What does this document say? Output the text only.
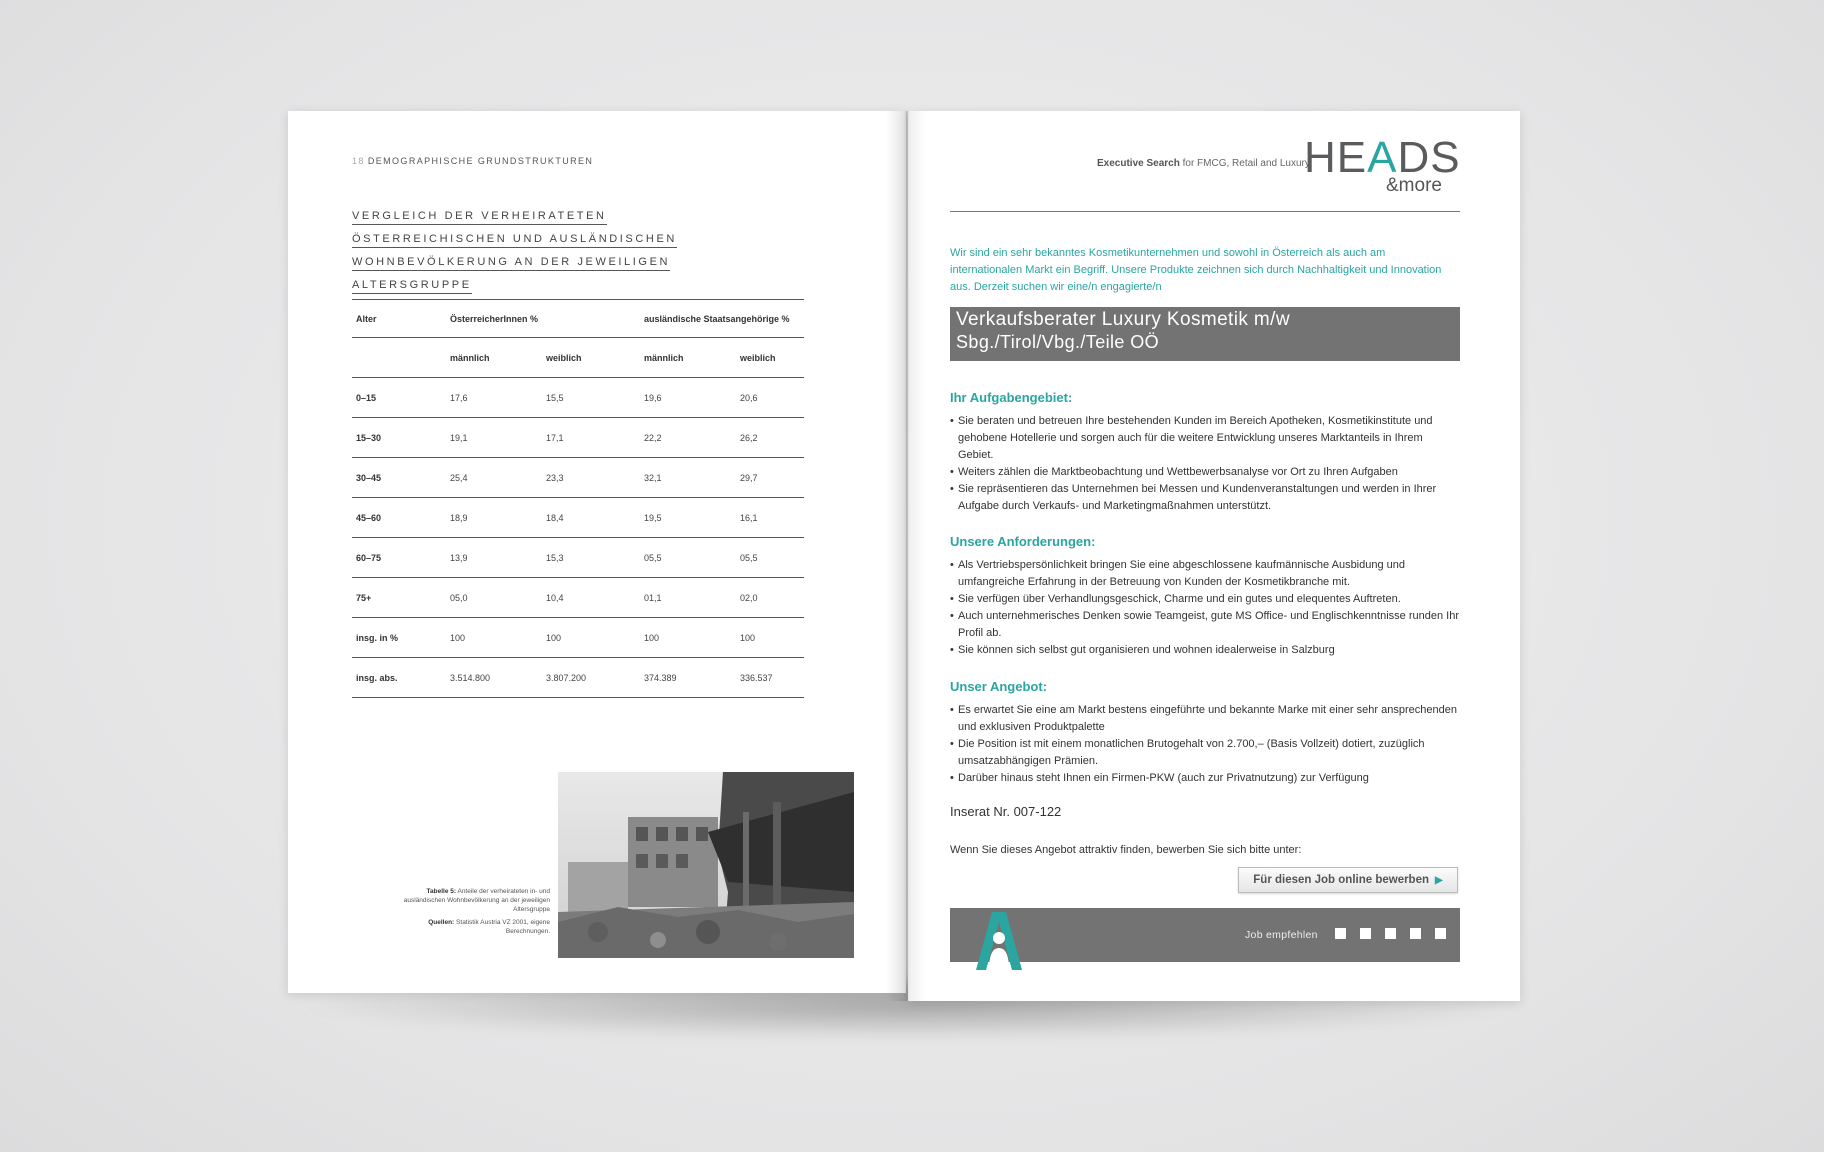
18 DEMOGRAPHISCHE GRUNDSTRUKTUREN
VERGLEICH DER VERHEIRATETEN
ÖSTERREICHISCHEN UND AUSLÄNDISCHEN
WOHNBEVÖLKERUNG AN DER JEWEILIGEN
ALTERSGRUPPE
Alter	ÖsterreicherInnen %		ausländische Staatsangehörige %	
	männlich	weiblich	männlich	weiblich
0–15	17,6	15,5	19,6	20,6
15–30	19,1	17,1	22,2	26,2
30–45	25,4	23,3	32,1	29,7
45–60	18,9	18,4	19,5	16,1
60–75	13,9	15,3	05,5	05,5
75+	05,0	10,4	01,1	02,0
insg. in %	100	100	100	100
insg. abs.	3.514.800	3.807.200	374.389	336.537
Tabelle 5: Anteile der verheirateten in- und ausländischen Wohnbevölkerung an der jeweiligen Altersgruppe

Quellen: Statistik Austria VZ 2001, eigene Berechnungen.
Executive Search for FMCG, Retail and Luxury
HEADS
&more
Wir sind ein sehr bekanntes Kosmetikunternehmen und sowohl in Österreich als auch am internationalen Markt ein Begriff. Unsere Produkte zeichnen sich durch Nachhaltigkeit und Innovation aus. Derzeit suchen wir eine/n engagierte/n
Verkaufsberater Luxury Kosmetik m/w
Sbg./Tirol/Vbg./Teile OÖ
Ihr Aufgabengebiet:
• Sie beraten und betreuen Ihre bestehenden Kunden im Bereich Apotheken, Kosmetikinstitute und gehobene Hotellerie und sorgen auch für die weitere Entwicklung unseres Marktanteils in Ihrem Gebiet.
• Weiters zählen die Marktbeobachtung und Wettbewerbsanalyse vor Ort zu Ihren Aufgaben
• Sie repräsentieren das Unternehmen bei Messen und Kundenveranstaltungen und werden in Ihrer Aufgabe durch Verkaufs- und Marketingmaßnahmen unterstützt.
Unsere Anforderungen:
• Als Vertriebspersönlichkeit bringen Sie eine abgeschlossene kaufmännische Ausbidung und umfangreiche Erfahrung in der Betreuung von Kunden der Kosmetikbranche mit.
• Sie verfügen über Verhandlungsgeschick, Charme und ein gutes und elequentes Auftreten.
• Auch unternehmerisches Denken sowie Teamgeist, gute MS Office- und Englischkenntnisse runden Ihr Profil ab.
• Sie können sich selbst gut organisieren und wohnen idealerweise in Salzburg
Unser Angebot:
• Es erwartet Sie eine am Markt bestens eingeführte und bekannte Marke mit einer sehr ansprechenden und exklusiven Produktpalette
• Die Position ist mit einem monatlichen Brutogehalt von 2.700,– (Basis Vollzeit) dotiert, zuzüglich umsatzabhängigen Prämien.
• Darüber hinaus steht Ihnen ein Firmen-PKW (auch zur Privatnutzung) zur Verfügung
Inserat Nr. 007-122
Wenn Sie dieses Angebot attraktiv finden, bewerben Sie sich bitte unter:
Für diesen Job online bewerben ▶
Job empfehlen
